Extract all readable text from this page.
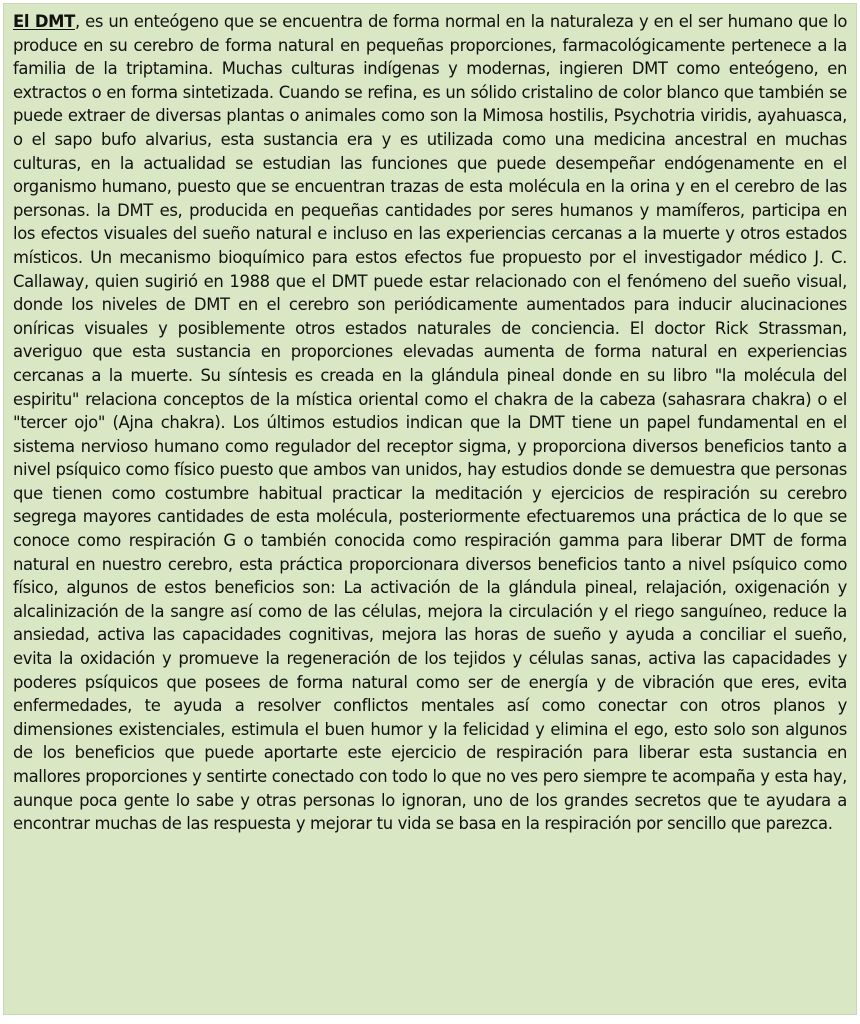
El DMT, es un enteógeno que se encuentra de forma normal en la naturaleza y en el ser humano que lo produce en su cerebro de forma natural en pequeñas proporciones, farmacológicamente pertenece a la familia de la triptamina. Muchas culturas indígenas y modernas, ingieren DMT como enteógeno, en extractos o en forma sintetizada. Cuando se refina, es un sólido cristalino de color blanco que también se puede extraer de diversas plantas o animales como son la Mimosa hostilis, Psychotria viridis, ayahuasca, o el sapo bufo alvarius, esta sustancia era y es utilizada como una medicina ancestral en muchas culturas, en la actualidad se estudian las funciones que puede desempeñar endógenamente en el organismo humano, puesto que se encuentran trazas de esta molécula en la orina y en el cerebro de las personas. la DMT es, producida en pequeñas cantidades por seres humanos y mamíferos, participa en los efectos visuales del sueño natural e incluso en las experiencias cercanas a la muerte y otros estados místicos. Un mecanismo bioquímico para estos efectos fue propuesto por el investigador médico J. C. Callaway, quien sugirió en 1988 que el DMT puede estar relacionado con el fenómeno del sueño visual, donde los niveles de DMT en el cerebro son periódicamente aumentados para inducir alucinaciones oníricas visuales y posiblemente otros estados naturales de conciencia. El doctor Rick Strassman, averiguo que esta sustancia en proporciones elevadas aumenta de forma natural en experiencias cercanas a la muerte. Su síntesis es creada en la glándula pineal donde en su libro "la molécula del espiritu" relaciona conceptos de la mística oriental como el chakra de la cabeza (sahasrara chakra) o el "tercer ojo" (Ajna chakra). Los últimos estudios indican que la DMT tiene un papel fundamental en el sistema nervioso humano como regulador del receptor sigma, y proporciona diversos beneficios tanto a nivel psíquico como físico puesto que ambos van unidos, hay estudios donde se demuestra que personas que tienen como costumbre habitual practicar la meditación y ejercicios de respiración su cerebro segrega mayores cantidades de esta molécula, posteriormente efectuaremos una práctica de lo que se conoce como respiración G o también conocida como respiración gamma para liberar DMT de forma natural en nuestro cerebro, esta práctica proporcionara diversos beneficios tanto a nivel psíquico como físico, algunos de estos beneficios son: La activación de la glándula pineal, relajación, oxigenación y alcalinización de la sangre así como de las células, mejora la circulación y el riego sanguíneo, reduce la ansiedad, activa las capacidades cognitivas, mejora las horas de sueño y ayuda a conciliar el sueño, evita la oxidación y promueve la regeneración de los tejidos y células sanas, activa las capacidades y poderes psíquicos que posees de forma natural como ser de energía y de vibración que eres, evita enfermedades, te ayuda a resolver conflictos mentales así como conectar con otros planos y dimensiones existenciales, estimula el buen humor y la felicidad y elimina el ego, esto solo son algunos de los beneficios que puede aportarte este ejercicio de respiración para liberar esta sustancia en mallores proporciones y sentirte conectado con todo lo que no ves pero siempre te acompaña y esta hay, aunque poca gente lo sabe y otras personas lo ignoran, uno de los grandes secretos que te ayudara a encontrar muchas de las respuesta y mejorar tu vida se basa en la respiración por sencillo que parezca.
